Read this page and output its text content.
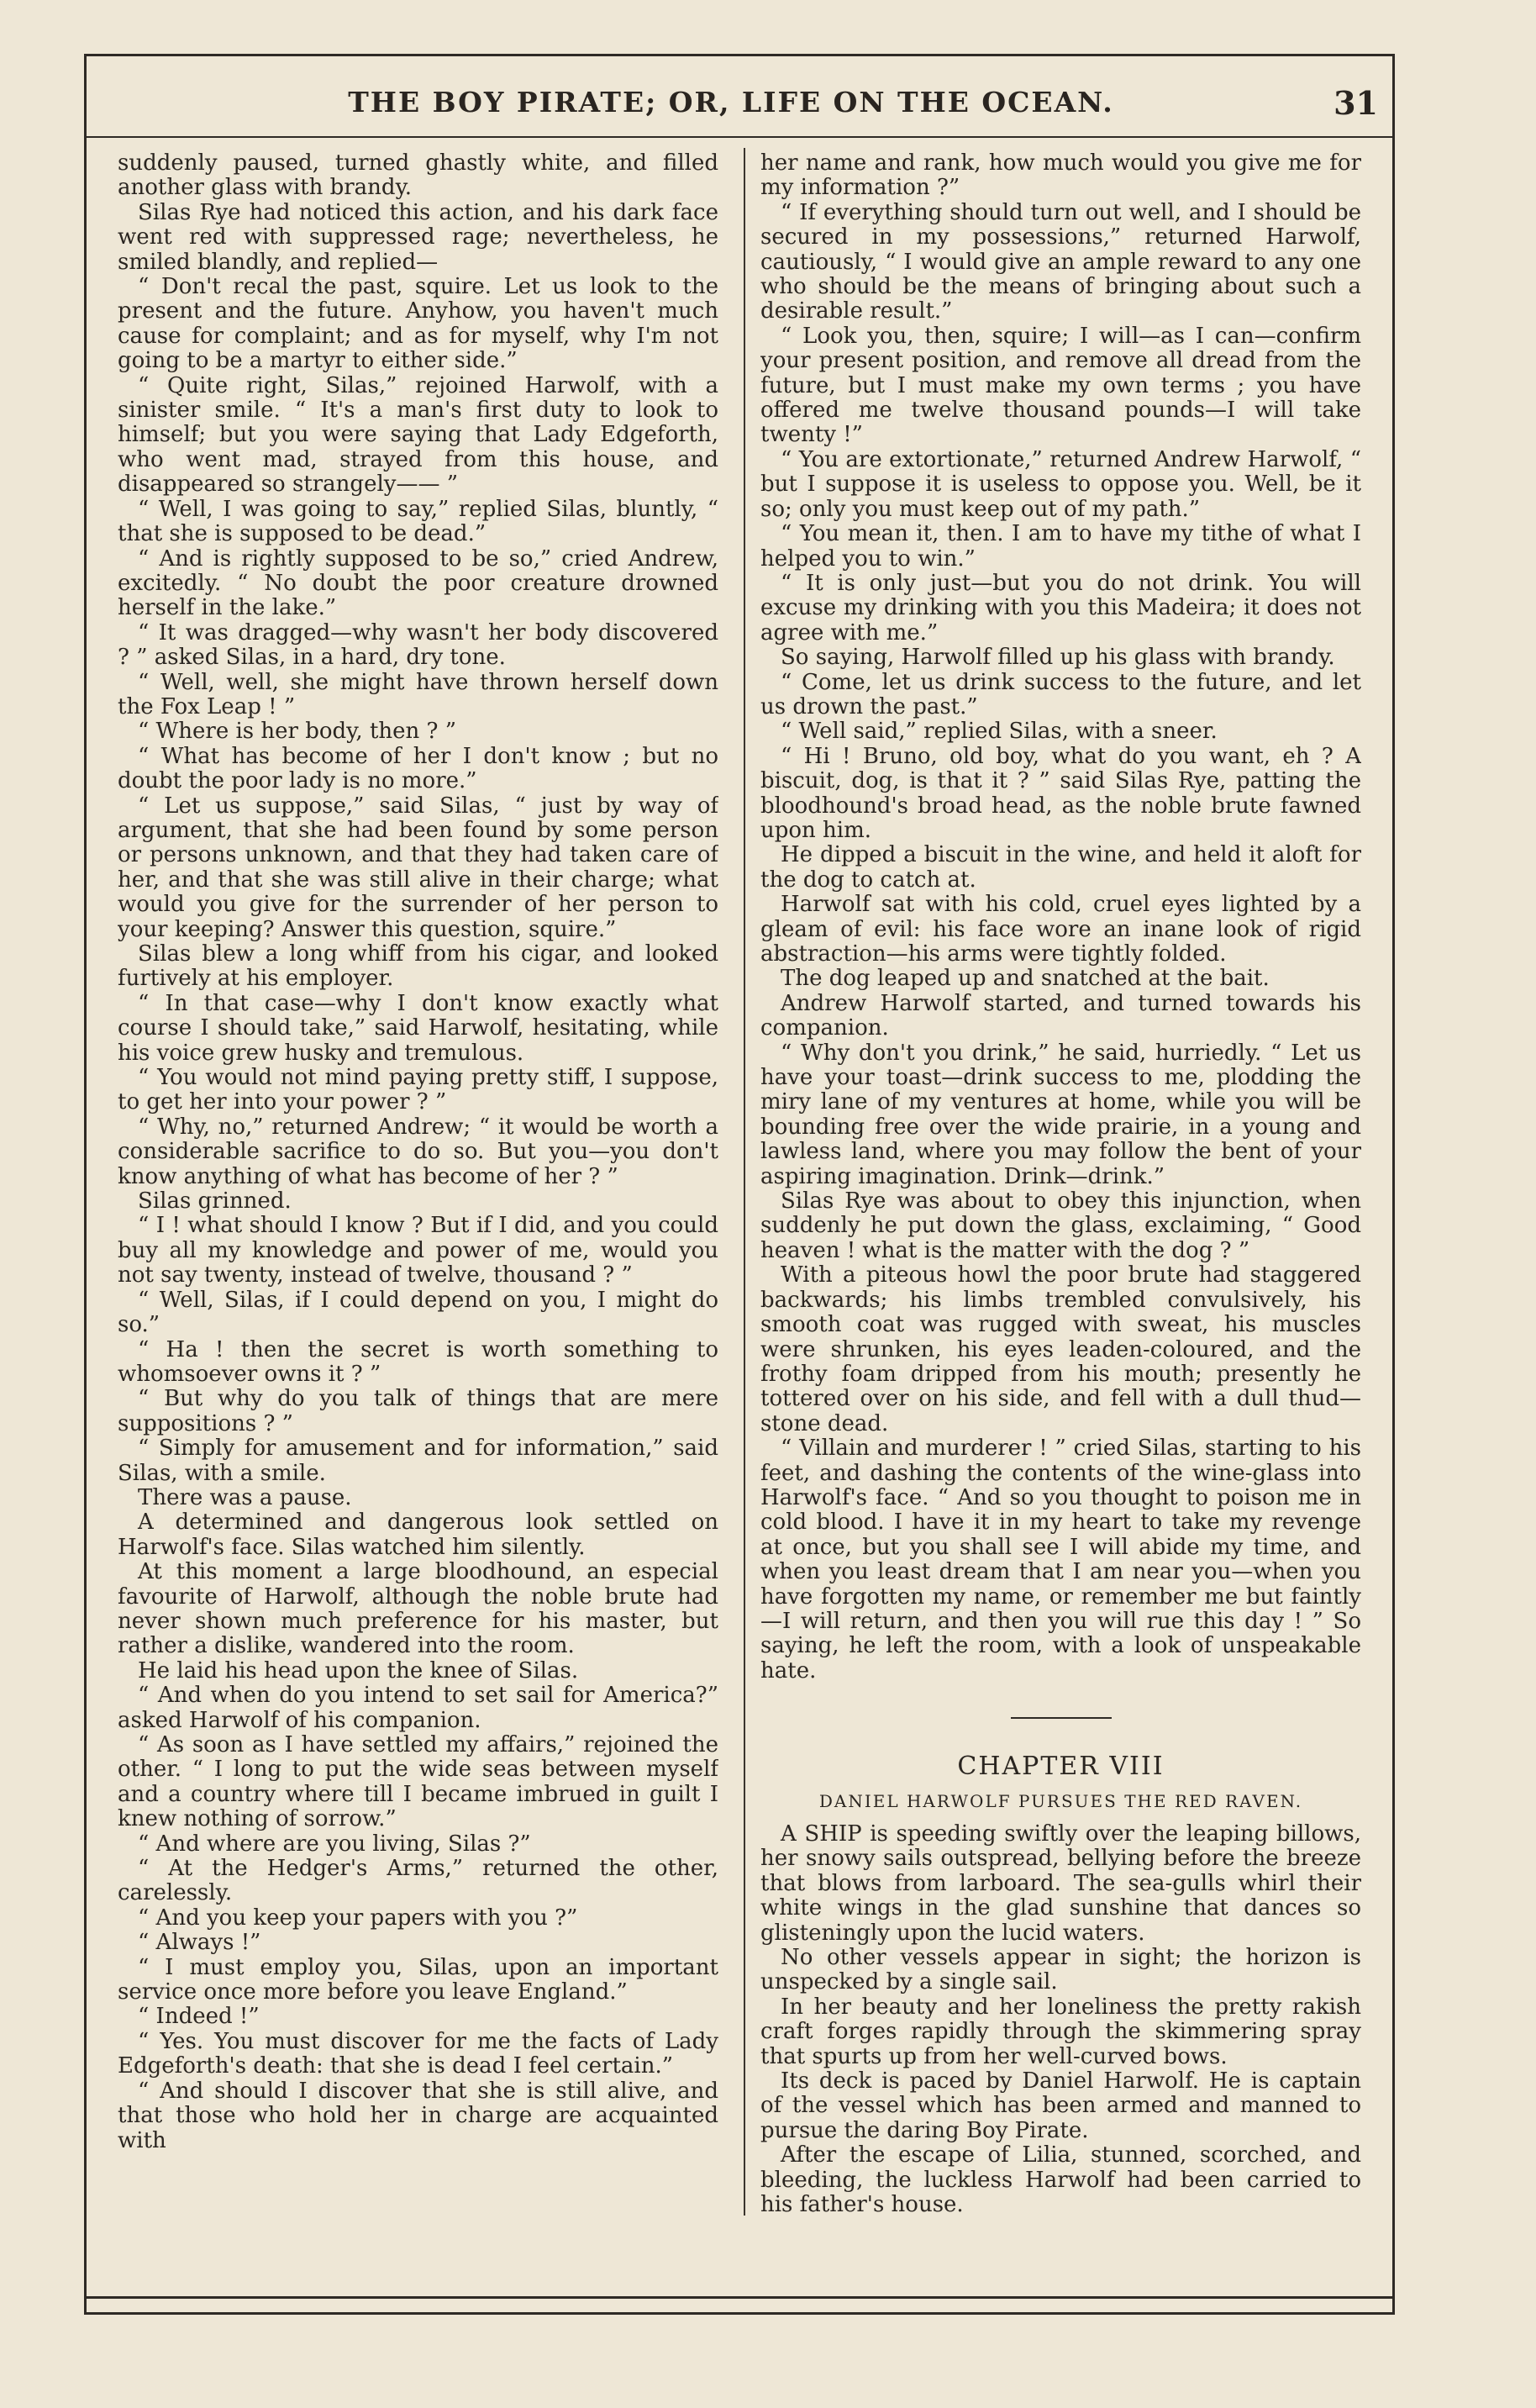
THE BOY PIRATE; OR, LIFE ON THE OCEAN.	31

suddenly paused, turned ghastly white, and filled another glass with brandy.

Silas Rye had noticed this action, and his dark face went red with suppressed rage; nevertheless, he smiled blandly, and replied—

“ Don't recal the past, squire. Let us look to the present and the future. Anyhow, you haven't much cause for complaint; and as for myself, why I'm not going to be a martyr to either side.”

“ Quite right, Silas,” rejoined Harwolf, with a sinister smile. “ It's a man's first duty to look to himself; but you were saying that Lady Edgeforth, who went mad, strayed from this house, and disappeared so strangely—— ”

“ Well, I was going to say,” replied Silas, bluntly, “ that she is supposed to be dead.”

“ And is rightly supposed to be so,” cried Andrew, excitedly. “ No doubt the poor creature drowned herself in the lake.”

“ It was dragged—why wasn't her body discovered ? ” asked Silas, in a hard, dry tone.

“ Well, well, she might have thrown herself down the Fox Leap ! ”

“ Where is her body, then ? ”

“ What has become of her I don't know ; but no doubt the poor lady is no more.”

“ Let us suppose,” said Silas, “ just by way of argument, that she had been found by some person or persons unknown, and that they had taken care of her, and that she was still alive in their charge; what would you give for the surrender of her person to your keeping? Answer this question, squire.”

Silas blew a long whiff from his cigar, and looked furtively at his employer.

“ In that case—why I don't know exactly what course I should take,” said Harwolf, hesitating, while his voice grew husky and tremulous.

“ You would not mind paying pretty stiff, I suppose, to get her into your power ? ”

“ Why, no,” returned Andrew; “ it would be worth a considerable sacrifice to do so. But you—you don't know anything of what has become of her ? ”

Silas grinned.

“ I ! what should I know ? But if I did, and you could buy all my knowledge and power of me, would you not say twenty, instead of twelve, thousand ? ”

“ Well, Silas, if I could depend on you, I might do so.”

“ Ha ! then the secret is worth something to whomsoever owns it ? ”

“ But why do you talk of things that are mere suppositions ? ”

“ Simply for amusement and for information,” said Silas, with a smile.

There was a pause.

A determined and dangerous look settled on Harwolf's face. Silas watched him silently.

At this moment a large bloodhound, an especial favourite of Harwolf, although the noble brute had never shown much preference for his master, but rather a dislike, wandered into the room.

He laid his head upon the knee of Silas.

“ And when do you intend to set sail for America?” asked Harwolf of his companion.

“ As soon as I have settled my affairs,” rejoined the other. “ I long to put the wide seas between myself and a country where till I became imbrued in guilt I knew nothing of sorrow.”

“ And where are you living, Silas ?”

“ At the Hedger's Arms,” returned the other, carelessly.

“ And you keep your papers with you ?”

“ Always !”

“ I must employ you, Silas, upon an important service once more before you leave England.”

“ Indeed !”

“ Yes. You must discover for me the facts of Lady Edgeforth's death: that she is dead I feel certain.”

“ And should I discover that she is still alive, and that those who hold her in charge are acquainted with

her name and rank, how much would you give me for my information ?”

“ If everything should turn out well, and I should be secured in my possessions,” returned Harwolf, cautiously, “ I would give an ample reward to any one who should be the means of bringing about such a desirable result.”

“ Look you, then, squire; I will—as I can—confirm your present position, and remove all dread from the future, but I must make my own terms ; you have offered me twelve thousand pounds—I will take twenty !”

“ You are extortionate,” returned Andrew Harwolf, “ but I suppose it is useless to oppose you. Well, be it so; only you must keep out of my path.”

“ You mean it, then. I am to have my tithe of what I helped you to win.”

“ It is only just—but you do not drink. You will excuse my drinking with you this Madeira; it does not agree with me.”

So saying, Harwolf filled up his glass with brandy.

“ Come, let us drink success to the future, and let us drown the past.”

“ Well said,” replied Silas, with a sneer.

“ Hi ! Bruno, old boy, what do you want, eh ? A biscuit, dog, is that it ? ” said Silas Rye, patting the bloodhound's broad head, as the noble brute fawned upon him.

He dipped a biscuit in the wine, and held it aloft for the dog to catch at.

Harwolf sat with his cold, cruel eyes lighted by a gleam of evil: his face wore an inane look of rigid abstraction—his arms were tightly folded.

The dog leaped up and snatched at the bait.

Andrew Harwolf started, and turned towards his companion.

“ Why don't you drink,” he said, hurriedly. “ Let us have your toast—drink success to me, plodding the miry lane of my ventures at home, while you will be bounding free over the wide prairie, in a young and lawless land, where you may follow the bent of your aspiring imagination. Drink—drink.”

Silas Rye was about to obey this injunction, when suddenly he put down the glass, exclaiming, “ Good heaven ! what is the matter with the dog ? ”

With a piteous howl the poor brute had staggered backwards; his limbs trembled convulsively, his smooth coat was rugged with sweat, his muscles were shrunken, his eyes leaden-coloured, and the frothy foam dripped from his mouth; presently he tottered over on his side, and fell with a dull thud—stone dead.

“ Villain and murderer ! ” cried Silas, starting to his feet, and dashing the contents of the wine-glass into Harwolf's face. “ And so you thought to poison me in cold blood. I have it in my heart to take my revenge at once, but you shall see I will abide my time, and when you least dream that I am near you—when you have forgotten my name, or remember me but faintly—I will return, and then you will rue this day ! ” So saying, he left the room, with a look of unspeakable hate.

CHAPTER VIII
DANIEL HARWOLF PURSUES THE RED RAVEN.

A SHIP is speeding swiftly over the leaping billows, her snowy sails outspread, bellying before the breeze that blows from larboard. The sea-gulls whirl their white wings in the glad sunshine that dances so glisteningly upon the lucid waters.

No other vessels appear in sight; the horizon is unspecked by a single sail.

In her beauty and her loneliness the pretty rakish craft forges rapidly through the skimmering spray that spurts up from her well-curved bows.

Its deck is paced by Daniel Harwolf. He is captain of the vessel which has been armed and manned to pursue the daring Boy Pirate.

After the escape of Lilia, stunned, scorched, and bleeding, the luckless Harwolf had been carried to his father's house.
